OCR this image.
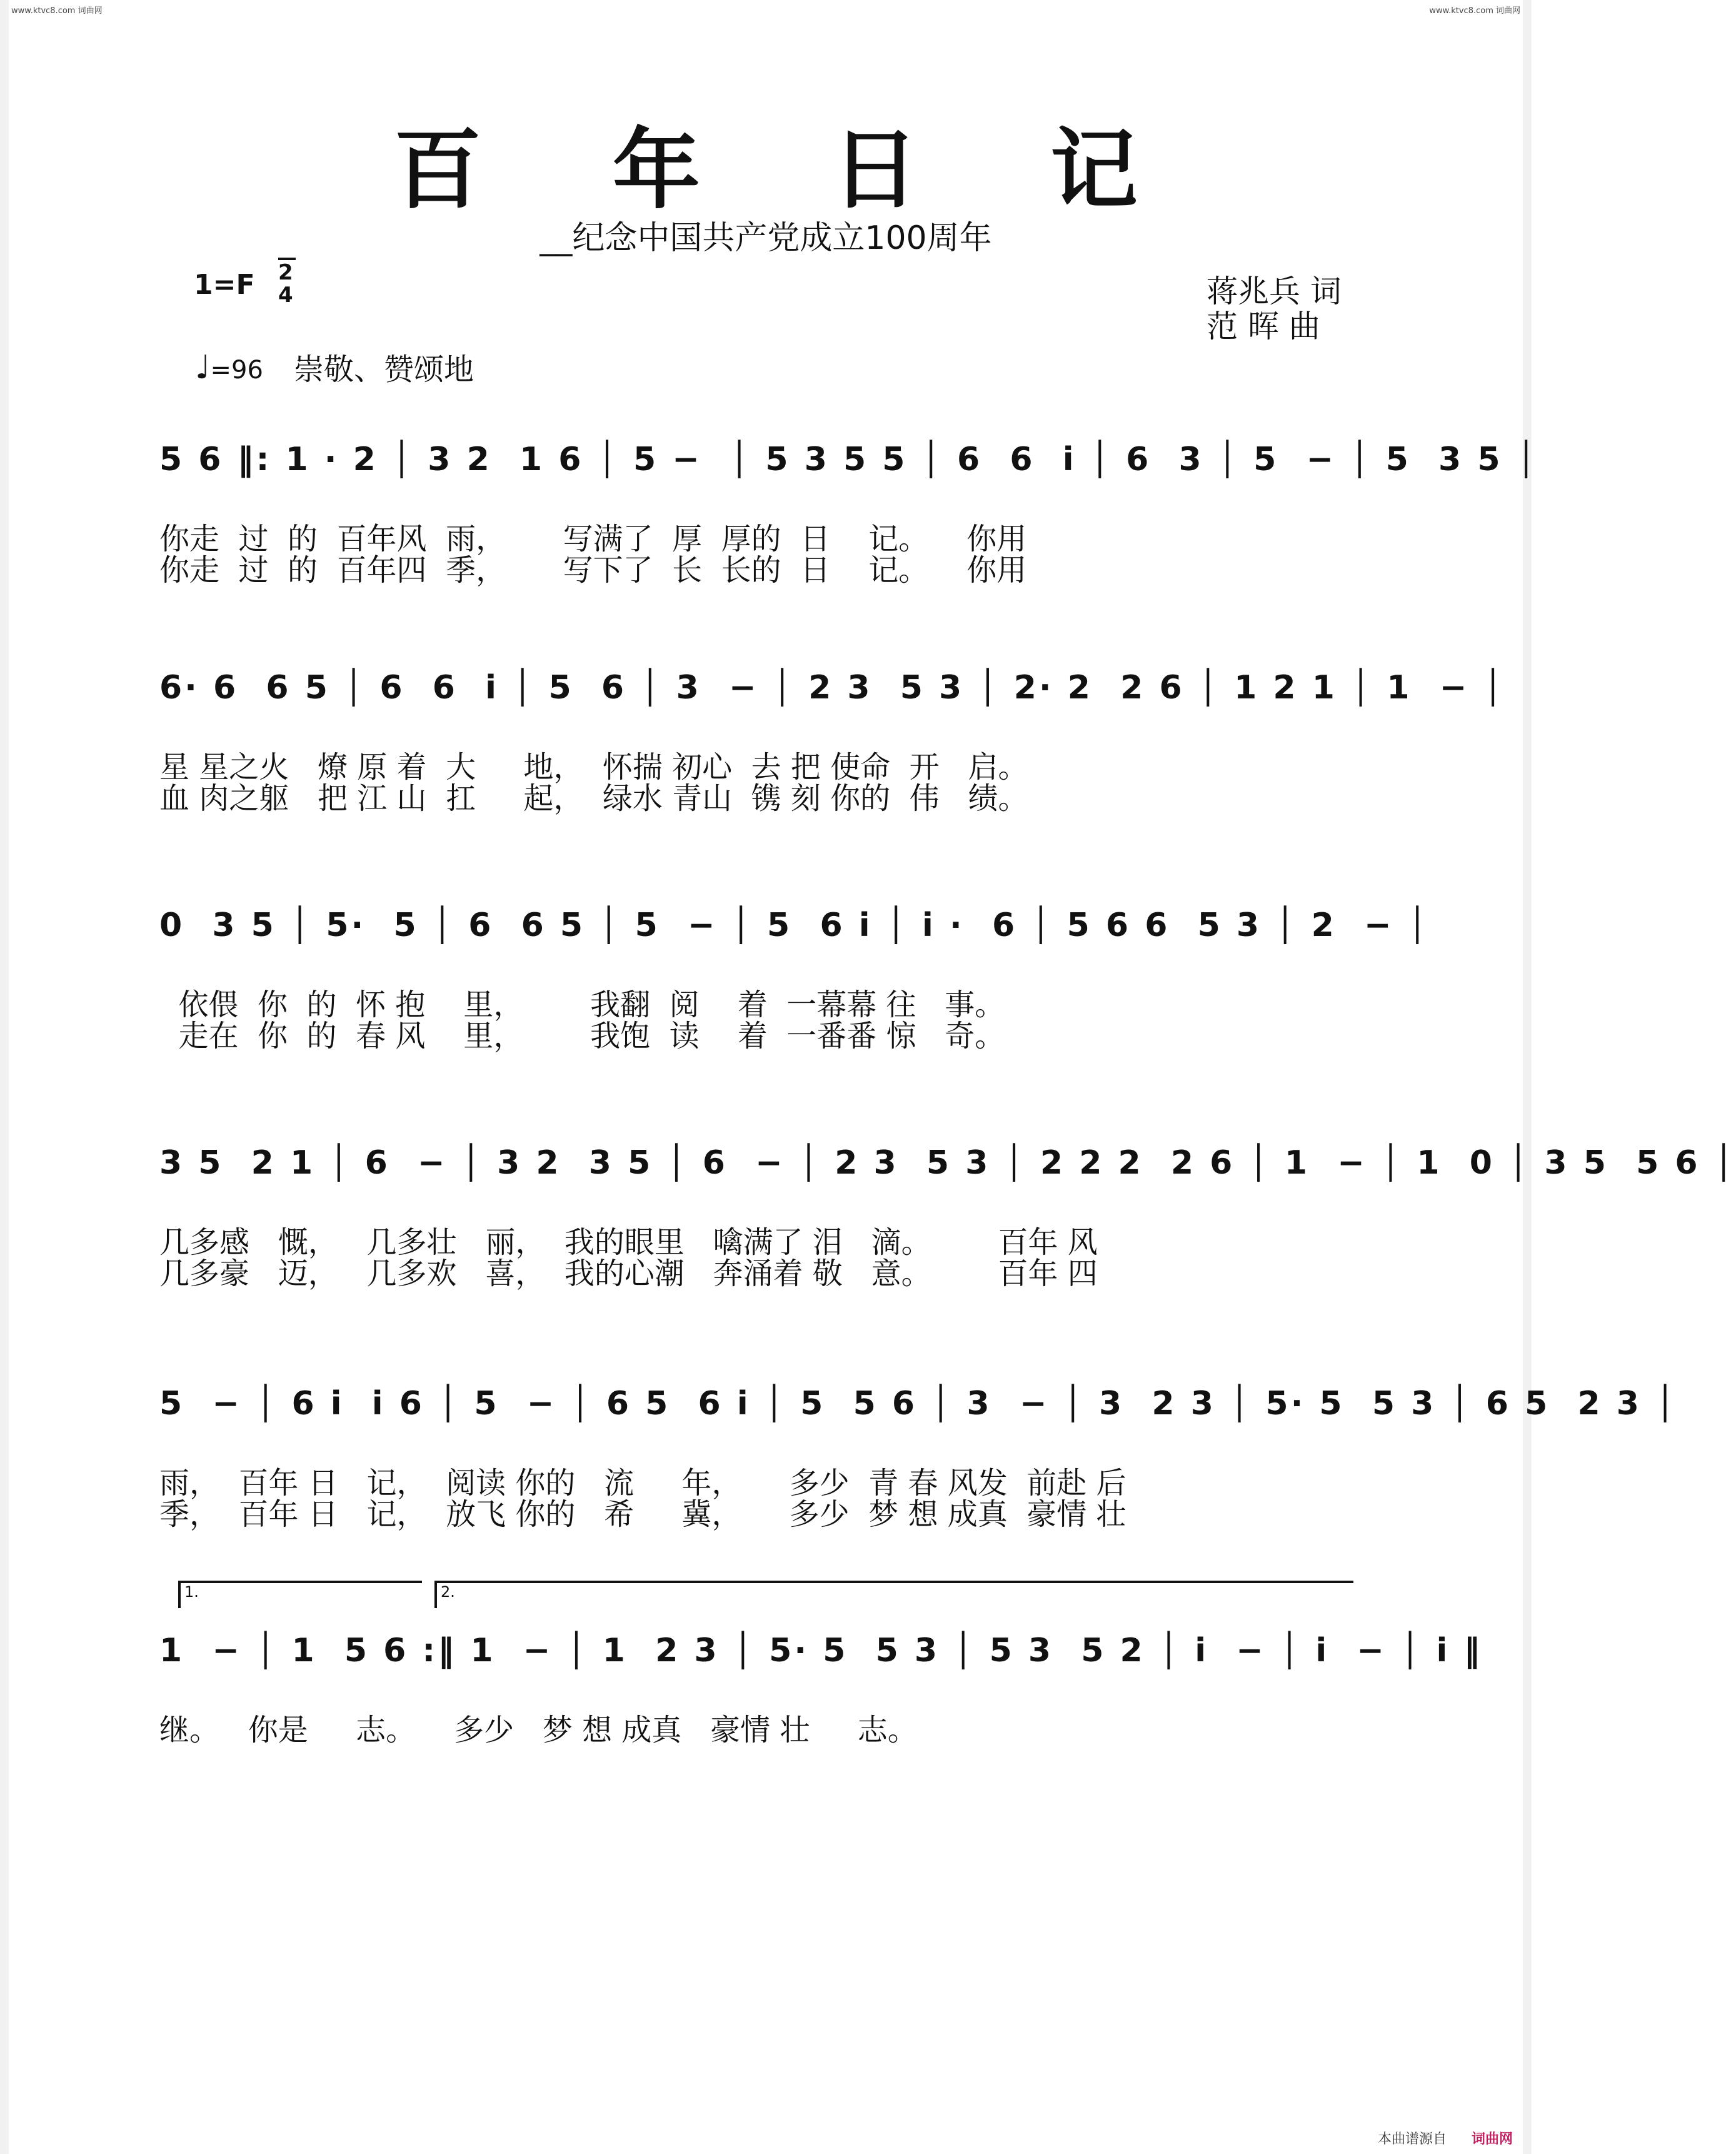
www.ktvc8.com 词曲网	www.ktvc8.com 词曲网
百年日记
__纪念中国共产党成立100周年
1=F 2
4
♩=96 崇敬、赞颂地
蒋兆兵 词
范 晖 曲
5 6 ‖: 1 · 2 │ 3 2  1 6 │ 5 −  │ 5 3 5 5 │ 6  6  i │ 6  3 │ 5  − │ 5  3 5 │
你走  过  的  百年风  雨，      写满了  厚  厚的  日    记。    你用
你走  过  的  百年四  季，      写下了  长  长的  日    记。    你用
6· 6  6 5 │ 6  6  i │ 5  6 │ 3  − │ 2 3  5 3 │ 2· 2  2 6 │ 1 2 1 │ 1  − │
星 星之火   燎 原 着  大     地，  怀揣 初心  去 把 使命  开   启。
血 肉之躯   把 江 山  扛     起，  绿水 青山  镌 刻 你的  伟   绩。
0  3 5 │ 5·  5 │ 6  6 5 │ 5  − │ 5  6 i │ i ·  6 │ 5 6 6  5 3 │ 2  − │
依偎  你  的  怀 抱    里，       我翻  阅    着  一幕幕 往   事。
走在  你  的  春 风    里，       我饱  读    着  一番番 惊   奇。
3 5  2 1 │ 6  − │ 3 2  3 5 │ 6  − │ 2 3  5 3 │ 2 2 2  2 6 │ 1  − │ 1  0 │ 3 5  5 6 │
几多感   慨，   几多壮   丽，  我的眼里   噙满了 泪   滴。       百年 风
几多豪   迈，   几多欢   喜，  我的心潮   奔涌着 敬   意。       百年 四
5  − │ 6 i  i 6 │ 5  − │ 6 5  6 i │ 5  5 6 │ 3  − │ 3  2 3 │ 5· 5  5 3 │ 6 5  2 3 │
雨，  百年 日   记，  阅读 你的   流     年，     多少  青 春 风发  前赴 后
季，  百年 日   记，  放飞 你的   希     冀，     多少  梦 想 成真  豪情 壮
1.	2.
1  − │ 1  5 6 :‖ 1  − │ 1  2 3 │ 5· 5  5 3 │ 5 3  5 2 │ i  − │ i  − │ i ‖
继。   你是     志。    多少   梦 想 成真   豪情 壮     志。
本曲谱源自 词曲网
